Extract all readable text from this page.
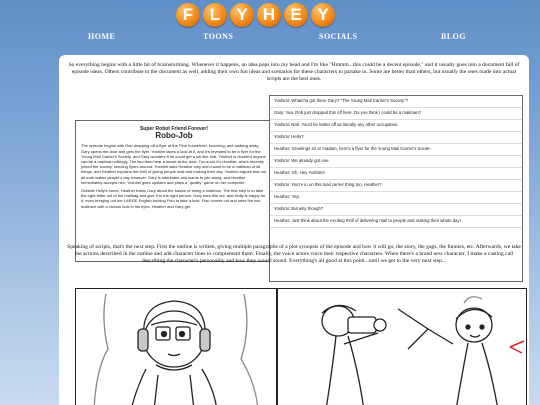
F L Y H E Y
HOME	TOONS	SOCIALS	BLOG

So everything begins with a little bit of brainstorming. Whenever it happens, an idea pops into my head and I'm like "Hmmm...this could be a decent episode," and it usually goes into a document full of episode ideas. Others contribute to the document as well, adding their own fun ideas and scenarios for these characters to partake in. Some are better than others, but usually the ones made into actual scripts are the best ones.

Super Robot Friend Forever!
Robo-Job

The episode begins with Rob dropping off a flyer at the Pine household, knocking, and walking away. Gary opens the door and gets the flyer. Yoshimi takes a look at it, and it's revealed to be a flyer for the Young Mail Carrier's Society, and Gary wonders if he could get a job like that. Yoshimi is doubtful anyone can be a mailman willingly. The two then hear a knock at the door. Turns out it's Heather, who's recently joined the society, sending flyers around. Yoshimi asks Heather why she'd want to be a mailman of all things, and Heather explains the thrill of giving people mail and making their day. Yoshimi argues that not all mail makes people's day however. Gary is interested and wants to join along, and Heather immediately accepts him. Yoshimi goes upstairs and plays a "quality" game on her computer.

Outside Holly's home, Heather trains Gary about the basics of being a mailman. The first step is to take the right letter out of the mailbag and give it to the right person. Gary tries this out, and Holly is happy for it, even bringing out her LARGE English bulldog Fido to take a look. Fido comes out and sees the two mailmen with a vicious look in his eyes. Heather and Gary get

Yoshimi: Whatcha got there Gary? "The Young Mail Carrier's Society"?

Gary: Yea. Rob just dropped this off here. Do you think I could be a mailman?

Yoshimi: Nah. You'd be better off as literally any other occupation.

Yoshimi: Hello?

Heather: Greetings sir or madam, here's a flyer for the Young Mail Carrier's Societ-

Yoshimi: We already got one.

Heather: Oh. Hey Yoshimi!

Yoshimi: You're in on this mail carrier thing too, Heather?

Heather: Yep.

Yoshimi: But why though?

Heather: Just think about the exciting thrill of delivering mail to people and making their whole day!

Speaking of scripts, that's the next step. First the outline is written, giving multiple paragraphs of a plot synopsis of the episode and how it will go, the story, the gags, the funnies, etc. Afterwards, we take the actions described in the outline and add character lines to complement them. Finally, the voice actors voice their respective characters. When there's a brand new character, I make a casting call describing the character's personality and how they would sound. Everything's all good at this point...until we get to the very next step...
